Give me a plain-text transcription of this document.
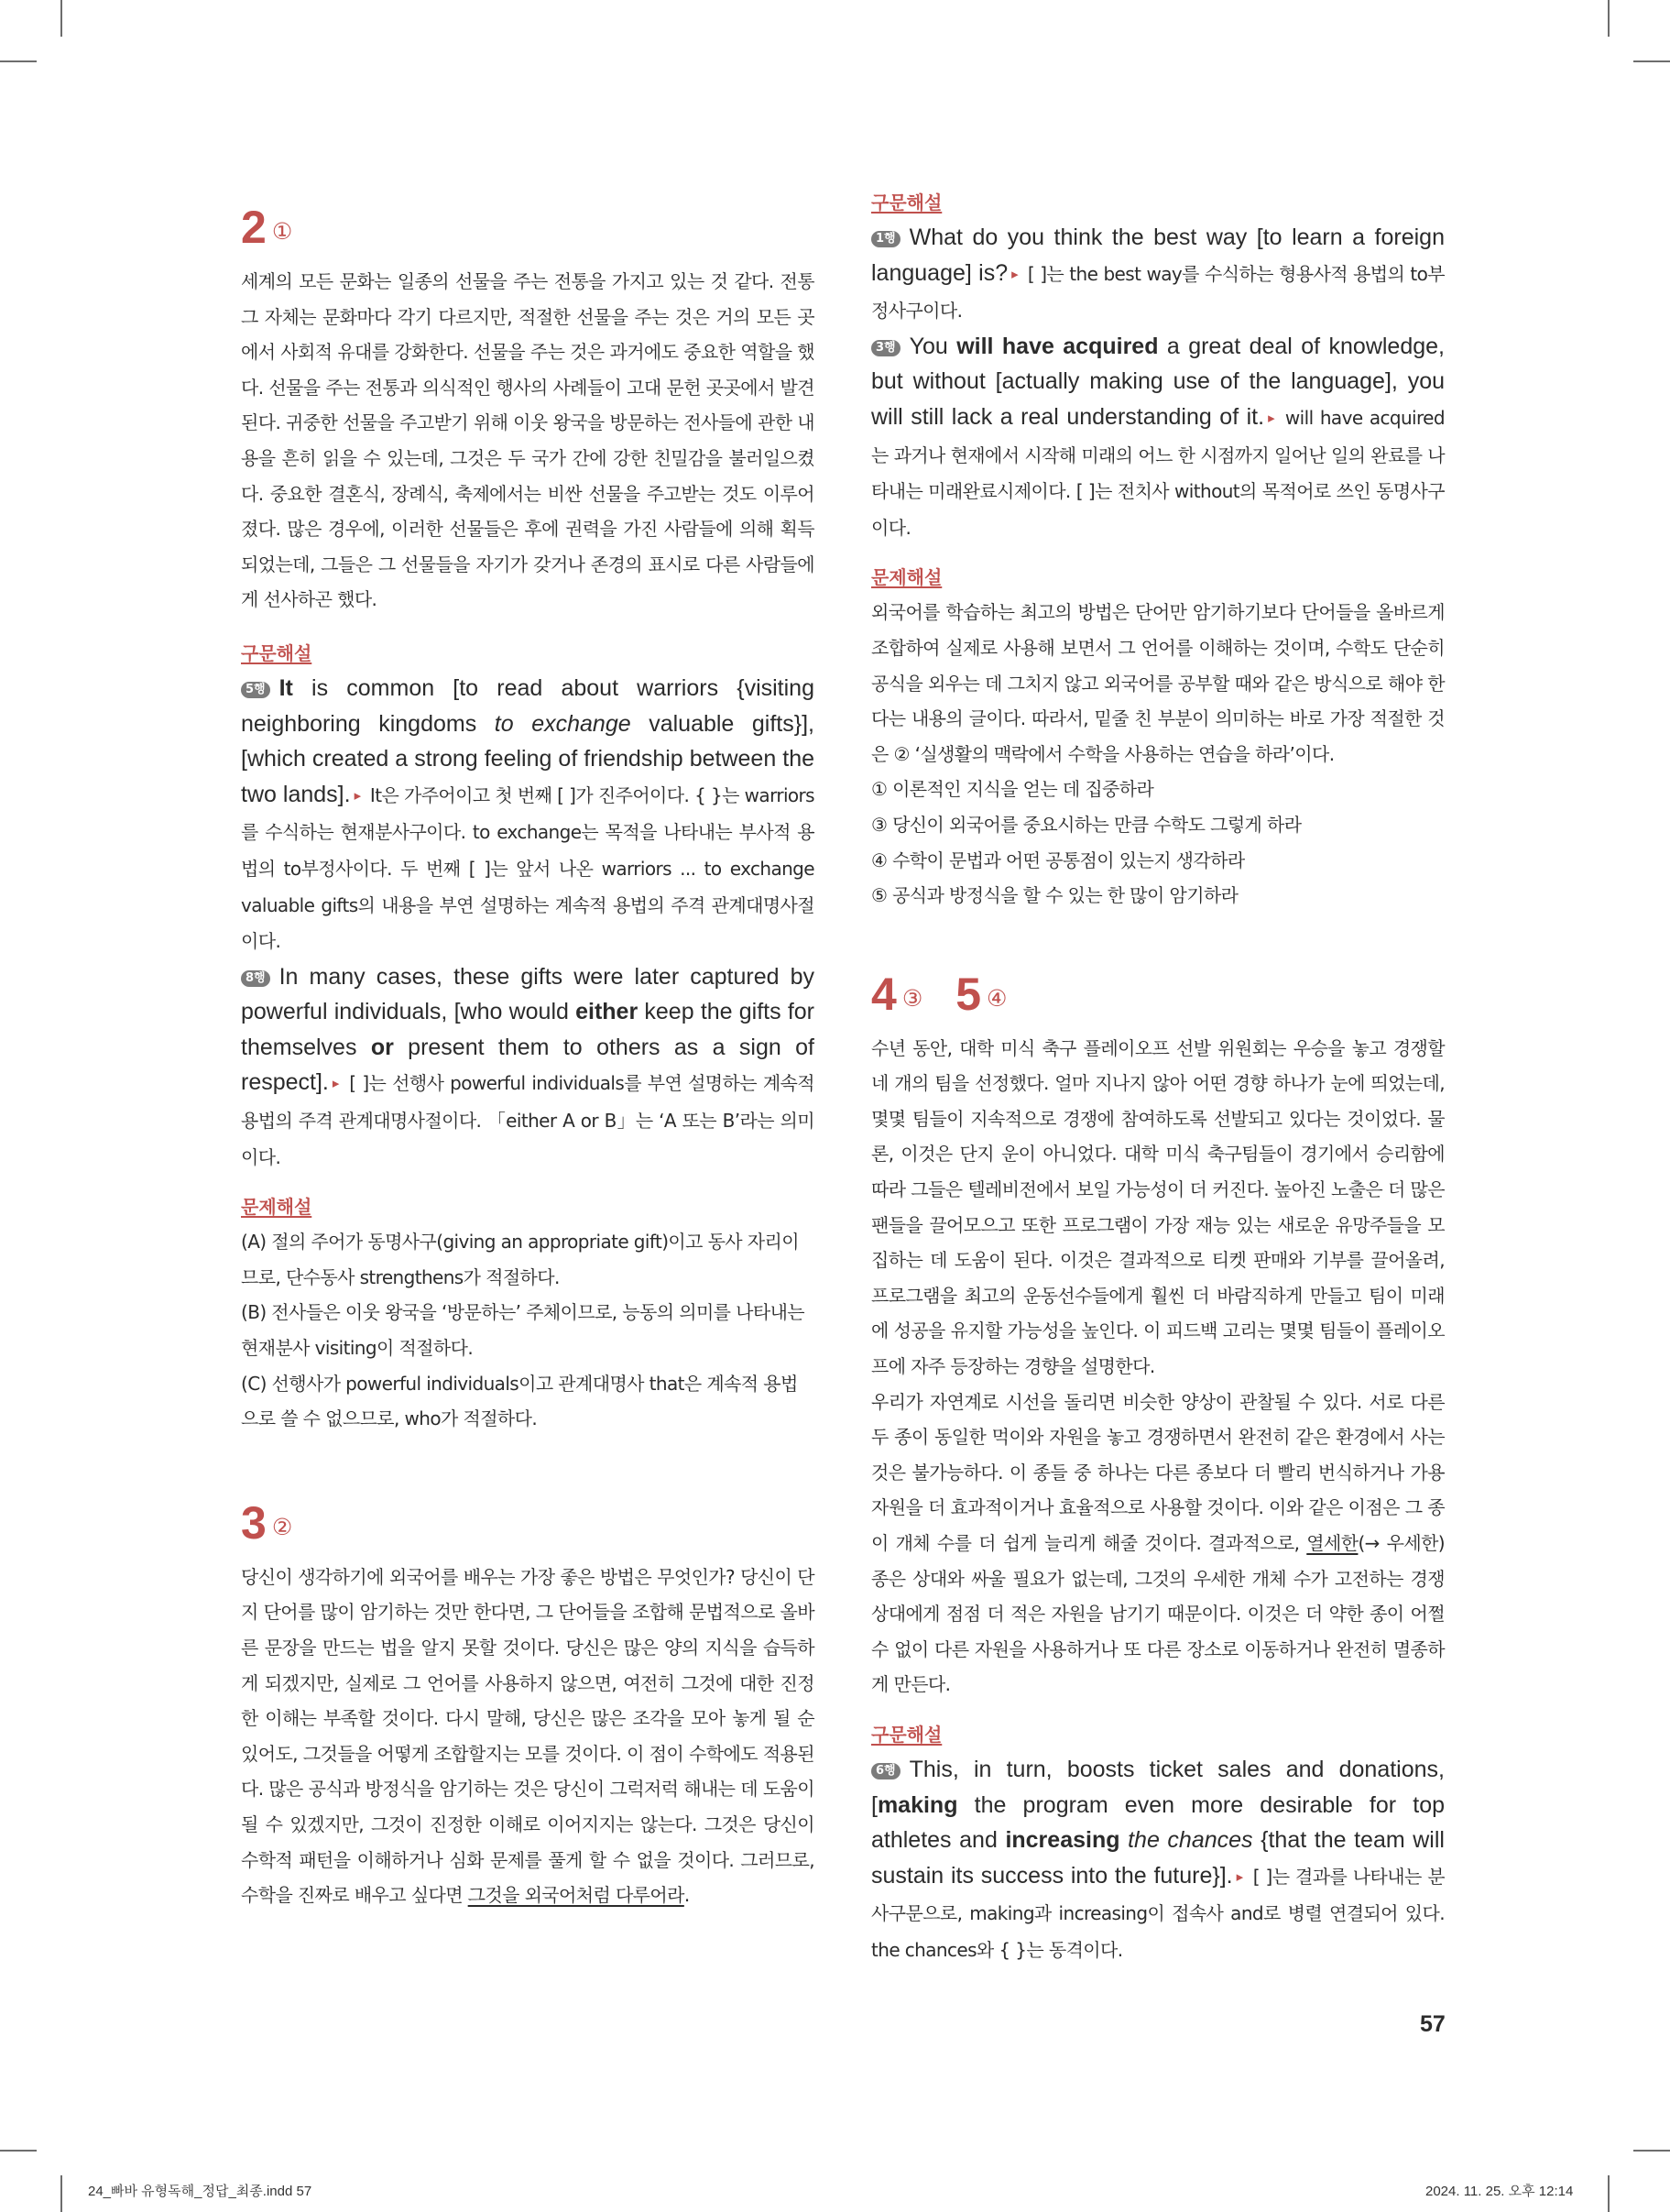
2 ①

세계의 모든 문화는 일종의 선물을 주는 전통을 가지고 있는 것 같다. 전통 그 자체는 문화마다 각기 다르지만, 적절한 선물을 주는 것은 거의 모든 곳에서 사회적 유대를 강화한다. 선물을 주는 것은 과거에도 중요한 역할을 했다. 선물을 주는 전통과 의식적인 행사의 사례들이 고대 문헌 곳곳에서 발견된다. 귀중한 선물을 주고받기 위해 이웃 왕국을 방문하는 전사들에 관한 내용을 흔히 읽을 수 있는데, 그것은 두 국가 간에 강한 친밀감을 불러일으켰다. 중요한 결혼식, 장례식, 축제에서는 비싼 선물을 주고받는 것도 이루어졌다. 많은 경우에, 이러한 선물들은 후에 권력을 가진 사람들에 의해 획득되었는데, 그들은 그 선물들을 자기가 갖거나 존경의 표시로 다른 사람들에게 선사하곤 했다.

구문해설

5행 It is common [to read about warriors {visiting neighboring kingdoms to exchange valuable gifts}], [which created a strong feeling of friendship between the two lands]. ▸ It은 가주어이고 첫 번째 [ ]가 진주어이다. { }는 warriors를 수식하는 현재분사구이다. to exchange는 목적을 나타내는 부사적 용법의 to부정사이다. 두 번째 [ ]는 앞서 나온 warriors ... to exchange valuable gifts의 내용을 부연 설명하는 계속적 용법의 주격 관계대명사절이다.

8행 In many cases, these gifts were later captured by powerful individuals, [who would either keep the gifts for themselves or present them to others as a sign of respect]. ▸ [ ]는 선행사 powerful individuals를 부연 설명하는 계속적 용법의 주격 관계대명사절이다. 「either A or B」는 ‘A 또는 B’라는 의미이다.

문제해설

(A) 절의 주어가 동명사구(giving an appropriate gift)이고 동사 자리이므로, 단수동사 strengthens가 적절하다.

(B) 전사들은 이웃 왕국을 ‘방문하는’ 주체이므로, 능동의 의미를 나타내는 현재분사 visiting이 적절하다.

(C) 선행사가 powerful individuals이고 관계대명사 that은 계속적 용법으로 쓸 수 없으므로, who가 적절하다.

3 ②

당신이 생각하기에 외국어를 배우는 가장 좋은 방법은 무엇인가? 당신이 단지 단어를 많이 암기하는 것만 한다면, 그 단어들을 조합해 문법적으로 올바른 문장을 만드는 법을 알지 못할 것이다. 당신은 많은 양의 지식을 습득하게 되겠지만, 실제로 그 언어를 사용하지 않으면, 여전히 그것에 대한 진정한 이해는 부족할 것이다. 다시 말해, 당신은 많은 조각을 모아 놓게 될 순 있어도, 그것들을 어떻게 조합할지는 모를 것이다. 이 점이 수학에도 적용된다. 많은 공식과 방정식을 암기하는 것은 당신이 그럭저럭 해내는 데 도움이 될 수 있겠지만, 그것이 진정한 이해로 이어지지는 않는다. 그것은 당신이 수학적 패턴을 이해하거나 심화 문제를 풀게 할 수 없을 것이다. 그러므로, 수학을 진짜로 배우고 싶다면 그것을 외국어처럼 다루어라.

구문해설

1행 What do you think the best way [to learn a foreign language] is? ▸ [ ]는 the best way를 수식하는 형용사적 용법의 to부정사구이다.

3행 You will have acquired a great deal of knowledge, but without [actually making use of the language], you will still lack a real understanding of it. ▸ will have acquired는 과거나 현재에서 시작해 미래의 어느 한 시점까지 일어난 일의 완료를 나타내는 미래완료시제이다. [ ]는 전치사 without의 목적어로 쓰인 동명사구이다.

문제해설

외국어를 학습하는 최고의 방법은 단어만 암기하기보다 단어들을 올바르게 조합하여 실제로 사용해 보면서 그 언어를 이해하는 것이며, 수학도 단순히 공식을 외우는 데 그치지 않고 외국어를 공부할 때와 같은 방식으로 해야 한다는 내용의 글이다. 따라서, 밑줄 친 부분이 의미하는 바로 가장 적절한 것은 ② ‘실생활의 맥락에서 수학을 사용하는 연습을 하라’이다.

① 이론적인 지식을 얻는 데 집중하라

③ 당신이 외국어를 중요시하는 만큼 수학도 그렇게 하라

④ 수학이 문법과 어떤 공통점이 있는지 생각하라

⑤ 공식과 방정식을 할 수 있는 한 많이 암기하라

4 ③ 5 ④

수년 동안, 대학 미식 축구 플레이오프 선발 위원회는 우승을 놓고 경쟁할 네 개의 팀을 선정했다. 얼마 지나지 않아 어떤 경향 하나가 눈에 띄었는데, 몇몇 팀들이 지속적으로 경쟁에 참여하도록 선발되고 있다는 것이었다. 물론, 이것은 단지 운이 아니었다. 대학 미식 축구팀들이 경기에서 승리함에 따라 그들은 텔레비전에서 보일 가능성이 더 커진다. 높아진 노출은 더 많은 팬들을 끌어모으고 또한 프로그램이 가장 재능 있는 새로운 유망주들을 모집하는 데 도움이 된다. 이것은 결과적으로 티켓 판매와 기부를 끌어올려, 프로그램을 최고의 운동선수들에게 훨씬 더 바람직하게 만들고 팀이 미래에 성공을 유지할 가능성을 높인다. 이 피드백 고리는 몇몇 팀들이 플레이오프에 자주 등장하는 경향을 설명한다.

우리가 자연계로 시선을 돌리면 비슷한 양상이 관찰될 수 있다. 서로 다른 두 종이 동일한 먹이와 자원을 놓고 경쟁하면서 완전히 같은 환경에서 사는 것은 불가능하다. 이 종들 중 하나는 다른 종보다 더 빨리 번식하거나 가용 자원을 더 효과적이거나 효율적으로 사용할 것이다. 이와 같은 이점은 그 종이 개체 수를 더 쉽게 늘리게 해줄 것이다. 결과적으로, 열세한(→ 우세한) 종은 상대와 싸울 필요가 없는데, 그것의 우세한 개체 수가 고전하는 경쟁 상대에게 점점 더 적은 자원을 남기기 때문이다. 이것은 더 약한 종이 어쩔 수 없이 다른 자원을 사용하거나 또 다른 장소로 이동하거나 완전히 멸종하게 만든다.

구문해설

6행 This, in turn, boosts ticket sales and donations, [making the program even more desirable for top athletes and increasing the chances {that the team will sustain its success into the future}]. ▸ [ ]는 결과를 나타내는 분사구문으로, making과 increasing이 접속사 and로 병렬 연결되어 있다. the chances와 { }는 동격이다.

57
24_빠바 유형독해_정답_최종.indd 57	2024. 11. 25. 오후 12:14
